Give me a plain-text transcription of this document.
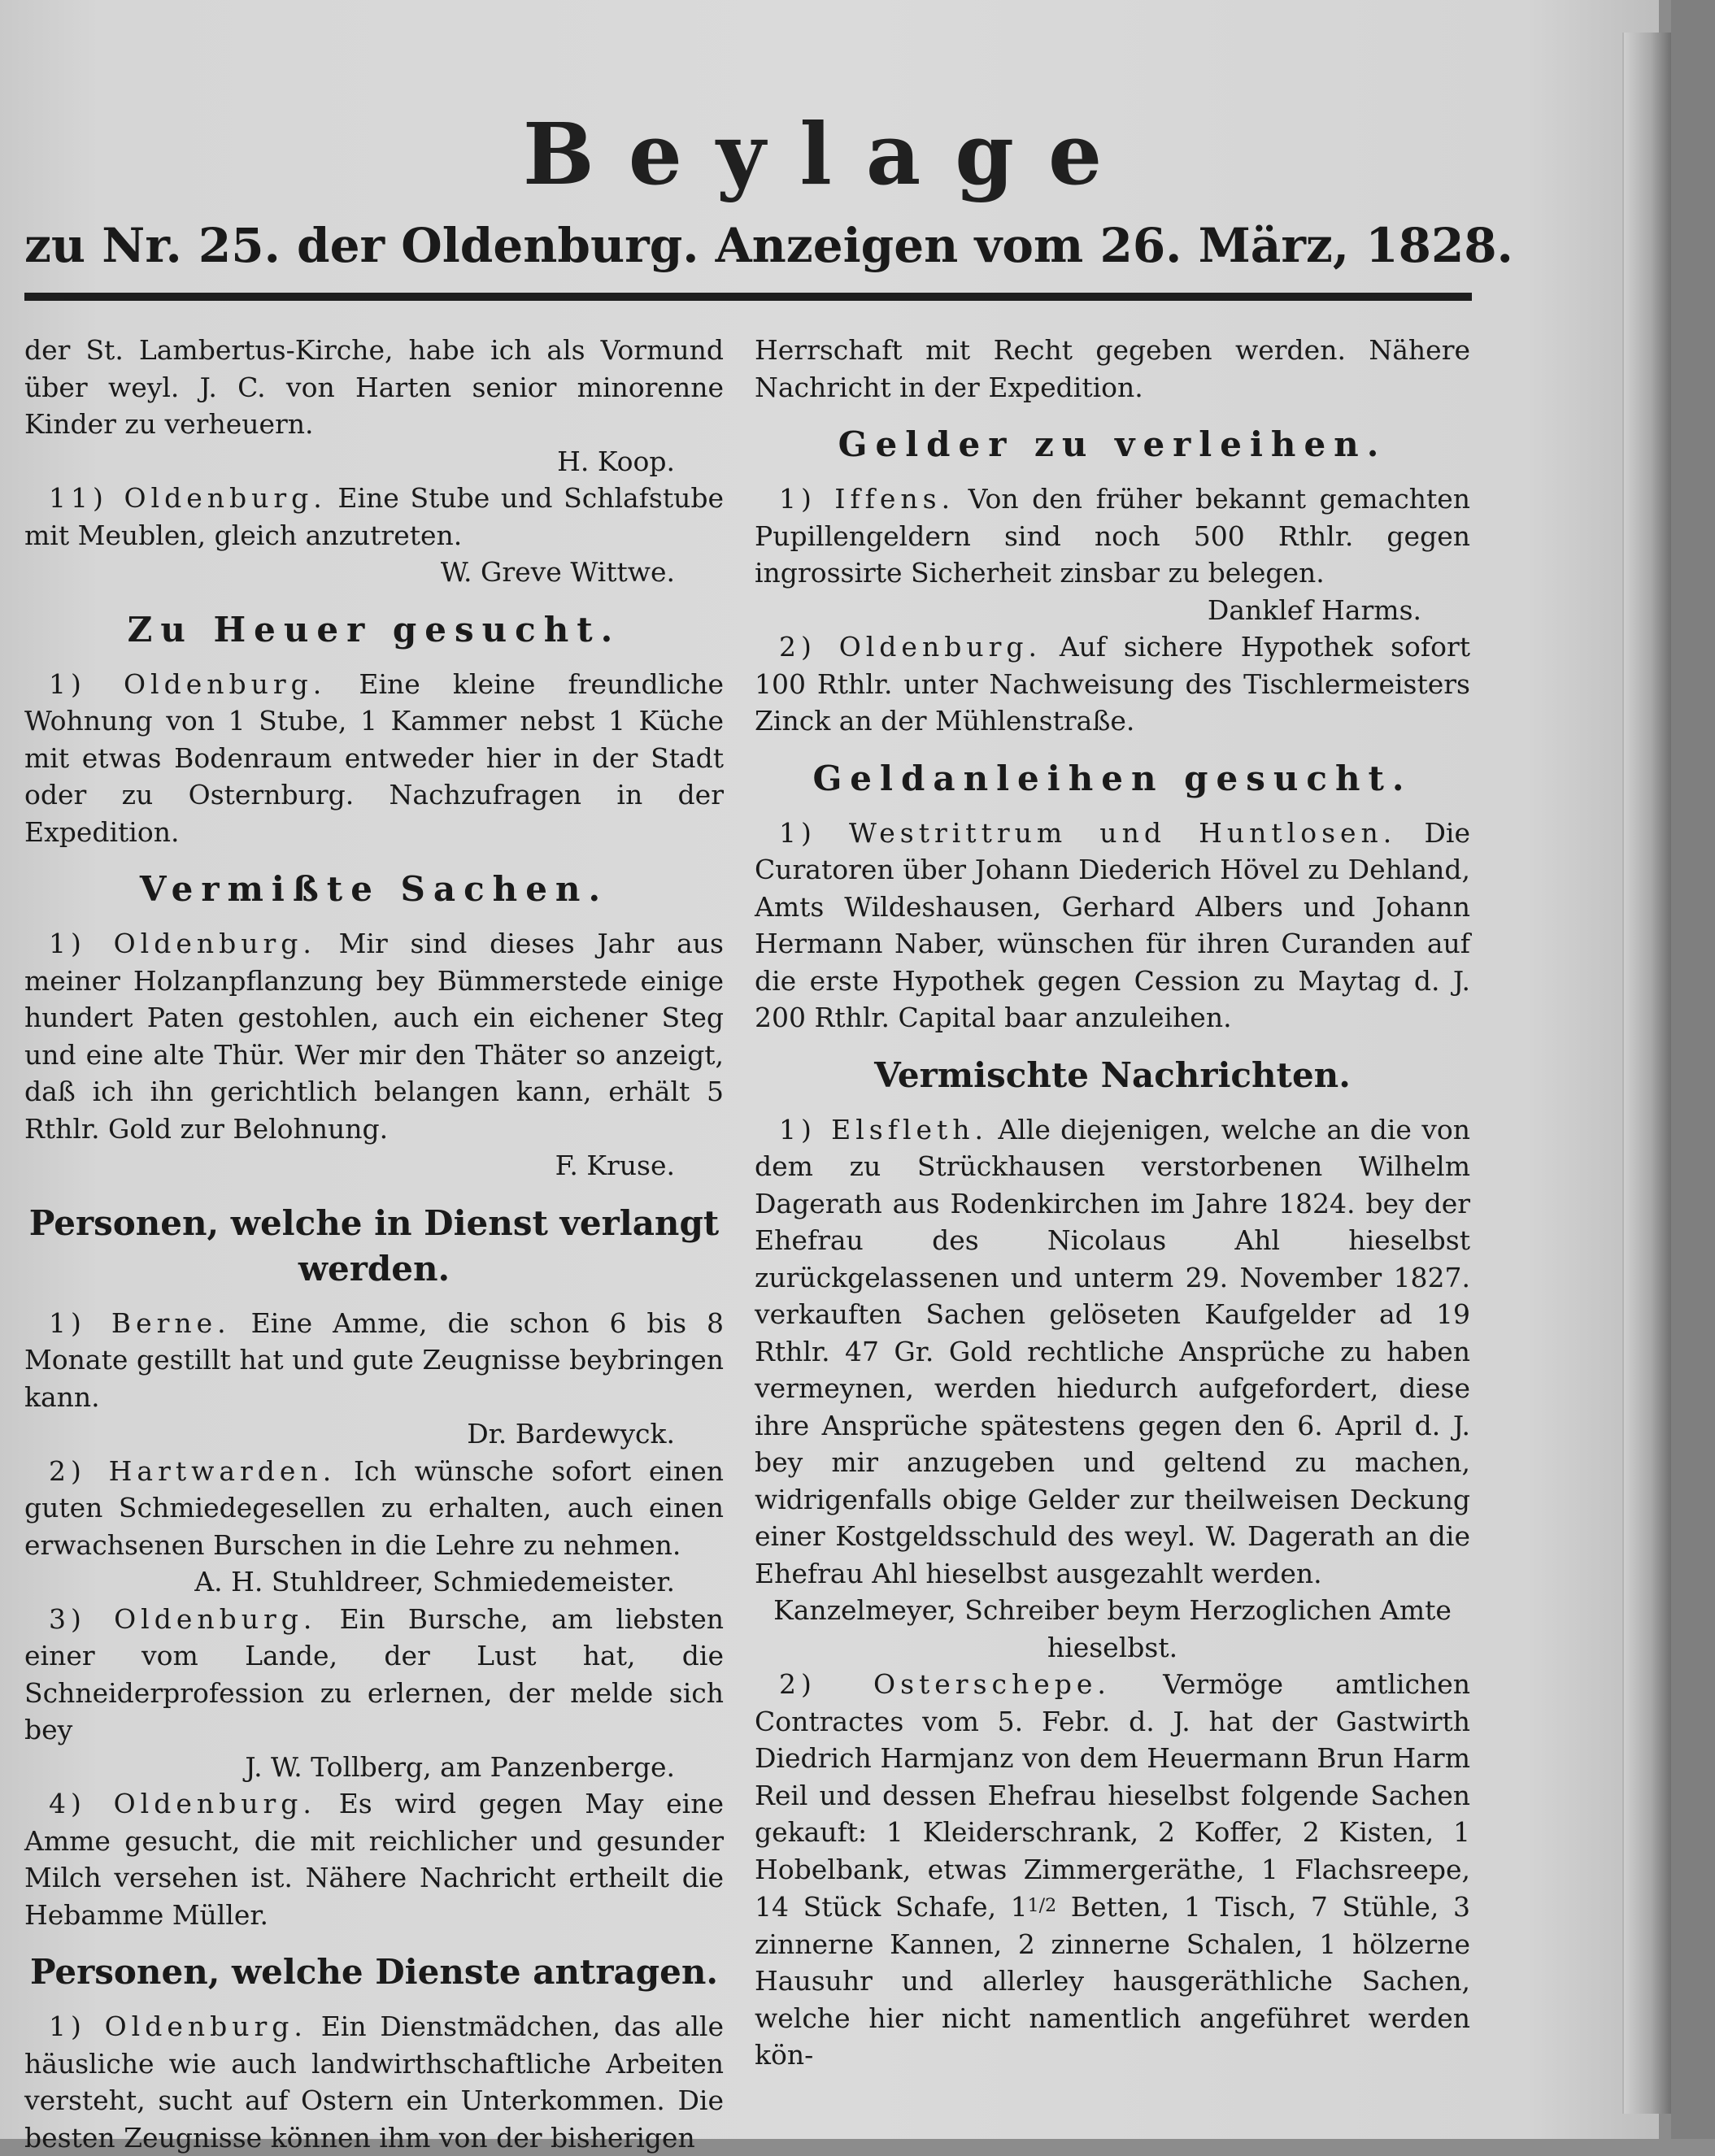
Beylage
zu Nr. 25. der Oldenburg. Anzeigen vom 26. März, 1828.

der St. Lambertus-Kirche, habe ich als Vormund über weyl. J. C. von Harten senior minorenne Kinder zu verheuern.

H. Koop.

11) Oldenburg. Eine Stube und Schlafstube mit Meublen, gleich anzutreten.

W. Greve Wittwe.

Zu Heuer gesucht.

1) Oldenburg. Eine kleine freundliche Wohnung von 1 Stube, 1 Kammer nebst 1 Küche mit etwas Bodenraum entweder hier in der Stadt oder zu Osternburg. Nachzufragen in der Expedition.

Vermißte Sachen.

1) Oldenburg. Mir sind dieses Jahr aus meiner Holzanpflanzung bey Bümmerstede einige hundert Paten gestohlen, auch ein eichener Steg und eine alte Thür. Wer mir den Thäter so anzeigt, daß ich ihn gerichtlich belangen kann, erhält 5 Rthlr. Gold zur Belohnung.

F. Kruse.

Personen, welche in Dienst verlangt werden.

1) Berne. Eine Amme, die schon 6 bis 8 Monate gestillt hat und gute Zeugnisse beybringen kann.

Dr. Bardewyck.

2) Hartwarden. Ich wünsche sofort einen guten Schmiedegesellen zu erhalten, auch einen erwachsenen Burschen in die Lehre zu nehmen.

A. H. Stuhldreer, Schmiedemeister.

3) Oldenburg. Ein Bursche, am liebsten einer vom Lande, der Lust hat, die Schneiderprofession zu erlernen, der melde sich bey

J. W. Tollberg, am Panzenberge.

4) Oldenburg. Es wird gegen May eine Amme gesucht, die mit reichlicher und gesunder Milch versehen ist. Nähere Nachricht ertheilt die Hebamme Müller.

Personen, welche Dienste antragen.

1) Oldenburg. Ein Dienstmädchen, das alle häusliche wie auch landwirthschaftliche Arbeiten versteht, sucht auf Ostern ein Unterkommen. Die besten Zeugnisse können ihm von der bisherigen

Herrschaft mit Recht gegeben werden. Nähere Nachricht in der Expedition.

Gelder zu verleihen.

1) Iffens. Von den früher bekannt gemachten Pupillengeldern sind noch 500 Rthlr. gegen ingrossirte Sicherheit zinsbar zu belegen.

Danklef Harms.

2) Oldenburg. Auf sichere Hypothek sofort 100 Rthlr. unter Nachweisung des Tischlermeisters Zinck an der Mühlenstraße.

Geldanleihen gesucht.

1) Westrittrum und Huntlosen. Die Curatoren über Johann Diederich Hövel zu Dehland, Amts Wildeshausen, Gerhard Albers und Johann Hermann Naber, wünschen für ihren Curanden auf die erste Hypothek gegen Cession zu Maytag d. J. 200 Rthlr. Capital baar anzuleihen.

Vermischte Nachrichten.

1) Elsfleth. Alle diejenigen, welche an die von dem zu Strückhausen verstorbenen Wilhelm Dagerath aus Rodenkirchen im Jahre 1824. bey der Ehefrau des Nicolaus Ahl hieselbst zurückgelassenen und unterm 29. November 1827. verkauften Sachen gelöseten Kaufgelder ad 19 Rthlr. 47 Gr. Gold rechtliche Ansprüche zu haben vermeynen, werden hiedurch aufgefordert, diese ihre Ansprüche spätestens gegen den 6. April d. J. bey mir anzugeben und geltend zu machen, widrigenfalls obige Gelder zur theilweisen Deckung einer Kostgeldsschuld des weyl. W. Dagerath an die Ehefrau Ahl hieselbst ausgezahlt werden.

Kanzelmeyer, Schreiber beym Herzoglichen Amte hieselbst.

2) Osterschepe. Vermöge amtlichen Contractes vom 5. Febr. d. J. hat der Gastwirth Diedrich Harmjanz von dem Heuermann Brun Harm Reil und dessen Ehefrau hieselbst folgende Sachen gekauft: 1 Kleiderschrank, 2 Koffer, 2 Kisten, 1 Hobelbank, etwas Zimmergeräthe, 1 Flachsreepe, 14 Stück Schafe, 11/2 Betten, 1 Tisch, 7 Stühle, 3 zinnerne Kannen, 2 zinnerne Schalen, 1 hölzerne Hausuhr und allerley hausgeräthliche Sachen, welche hier nicht namentlich angeführet werden kön-
